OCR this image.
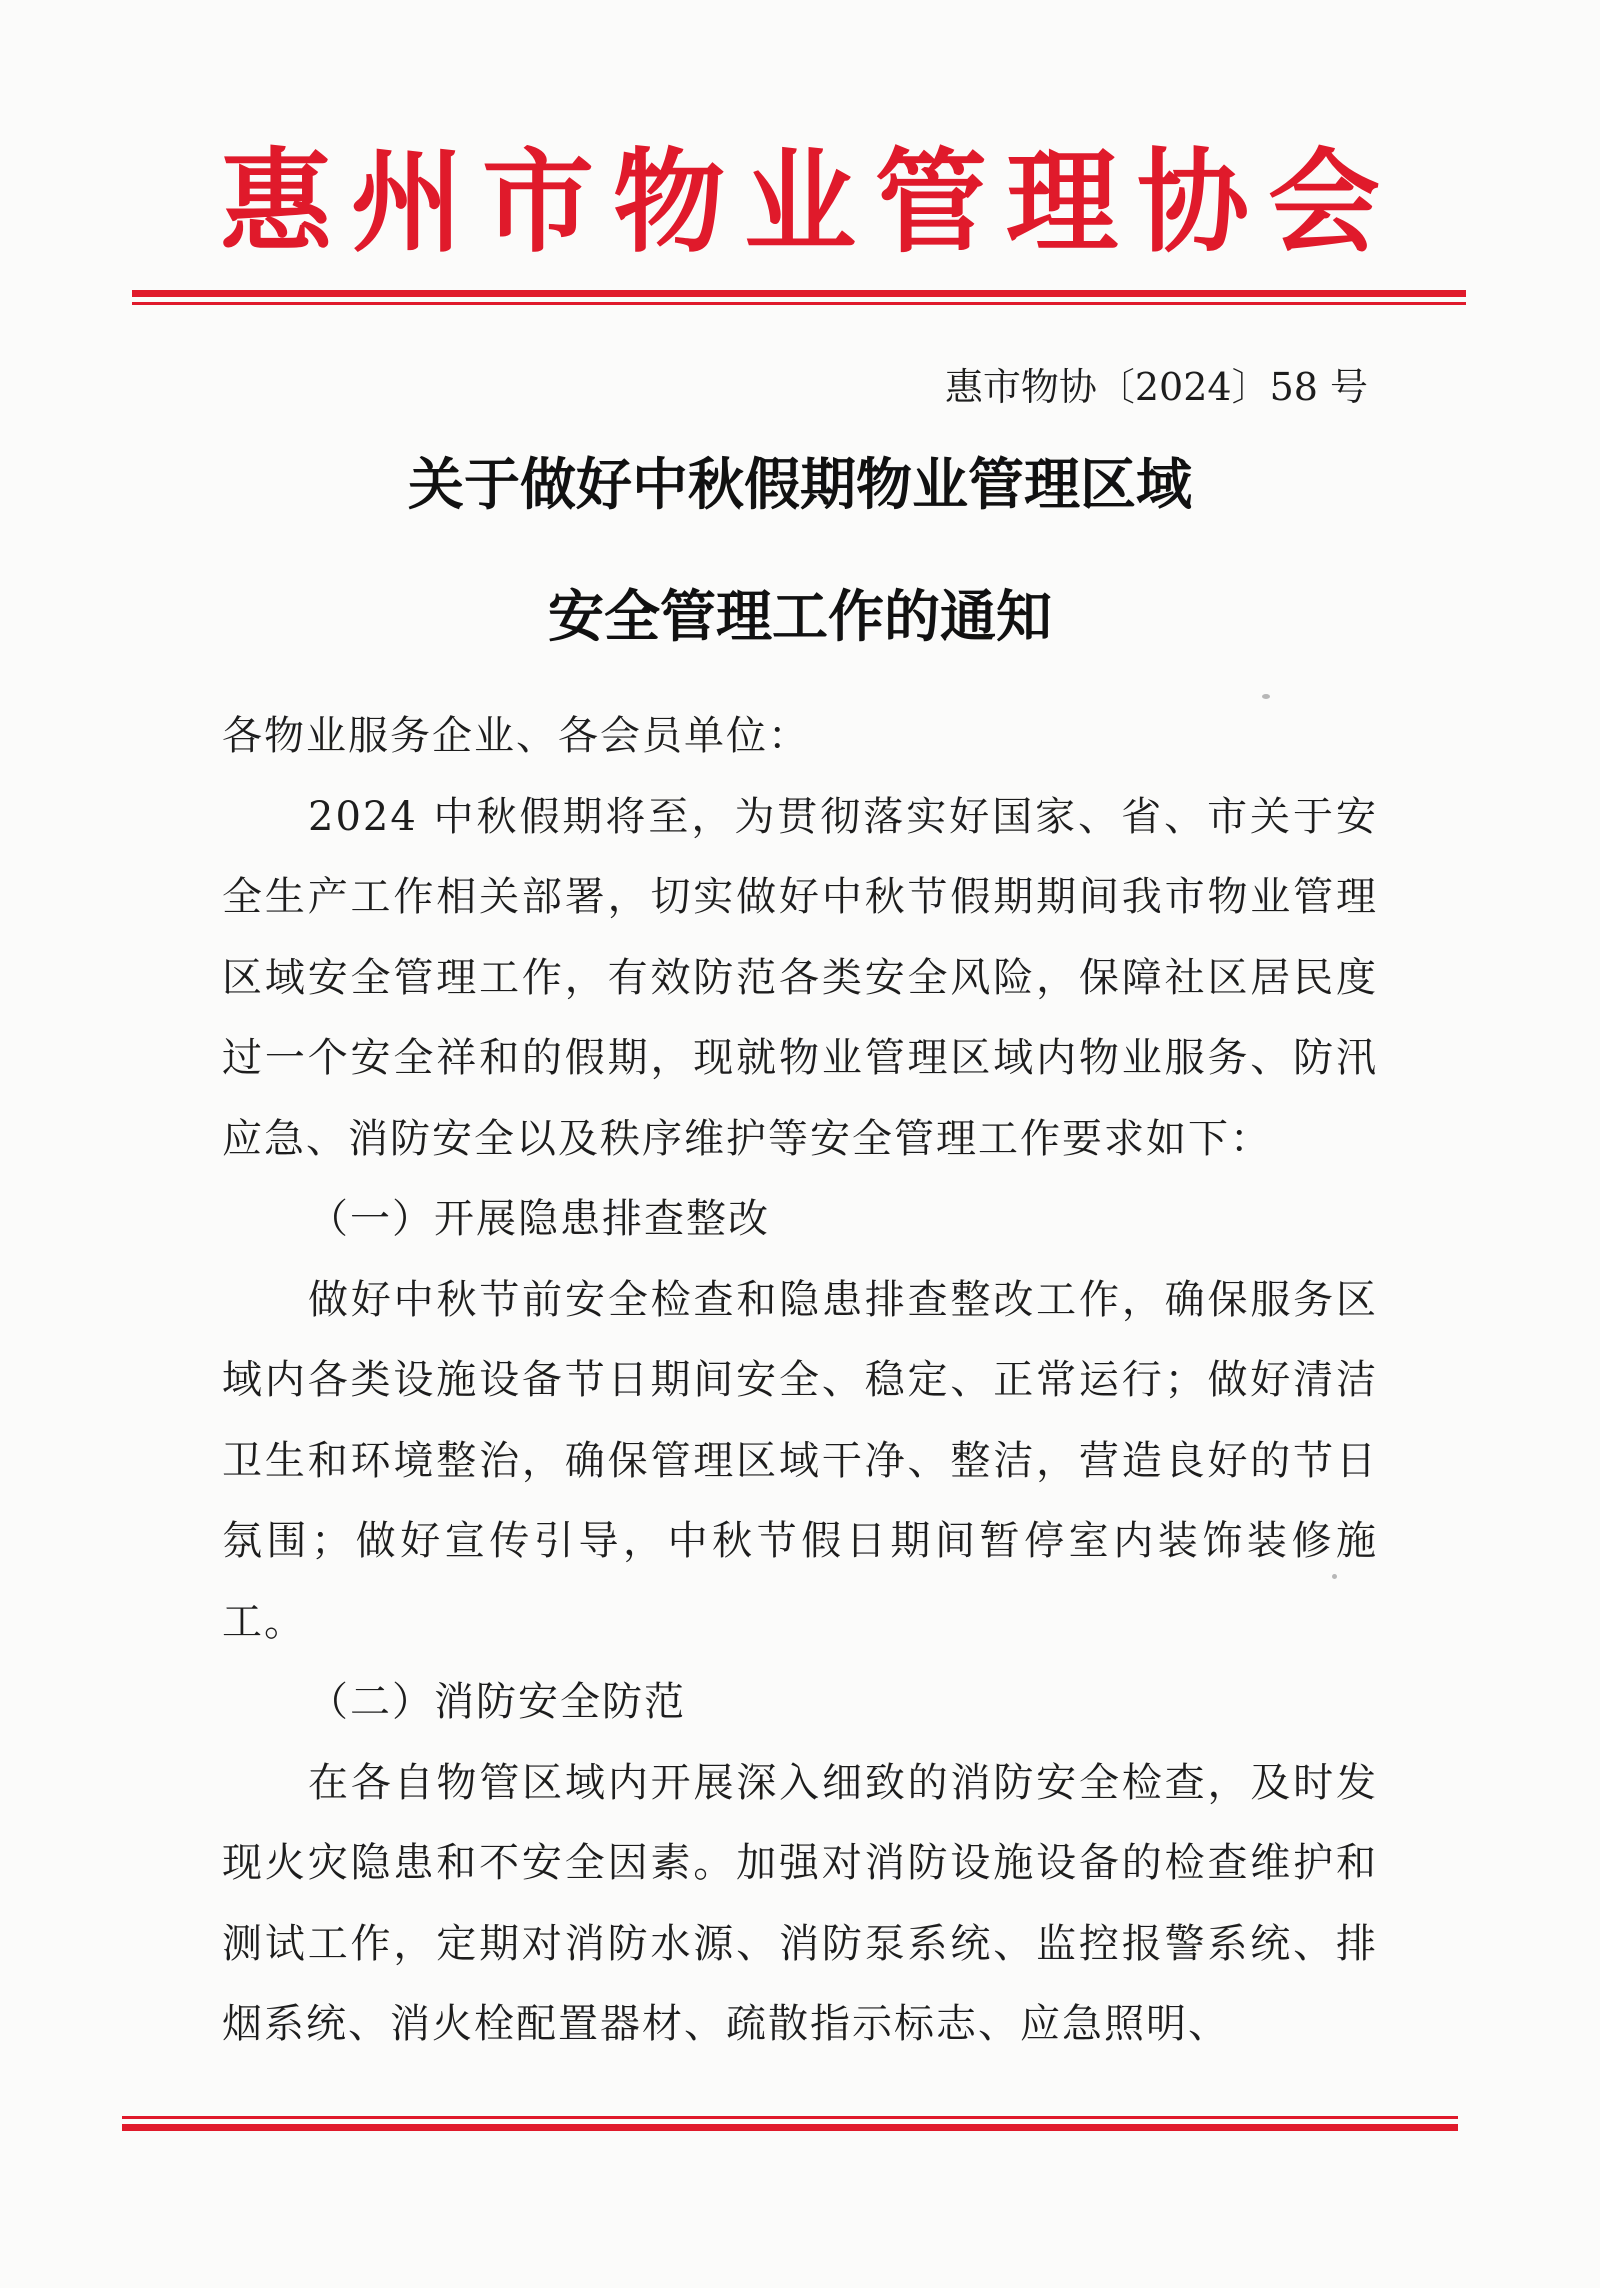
惠 州 市 物 业 管 理 协 会
惠市物协〔2024〕58 号
关于做好中秋假期物业管理区域
安全管理工作的通知

各物业服务企业、各会员单位：

2024 中秋假期将至，为贯彻落实好国家、省、市关于安全生产工作相关部署，切实做好中秋节假期期间我市物业管理区域安全管理工作，有效防范各类安全风险，保障社区居民度过一个安全祥和的假期，现就物业管理区域内物业服务、防汛应急、消防安全以及秩序维护等安全管理工作要求如下：

（一）开展隐患排查整改

做好中秋节前安全检查和隐患排查整改工作，确保服务区域内各类设施设备节日期间安全、稳定、正常运行；做好清洁卫生和环境整治，确保管理区域干净、整洁，营造良好的节日氛围；做好宣传引导，中秋节假日期间暂停室内装饰装修施工。

（二）消防安全防范

在各自物管区域内开展深入细致的消防安全检查，及时发现火灾隐患和不安全因素。加强对消防设施设备的检查维护和测试工作，定期对消防水源、消防泵系统、监控报警系统、排烟系统、消火栓配置器材、疏散指示标志、应急照明、
